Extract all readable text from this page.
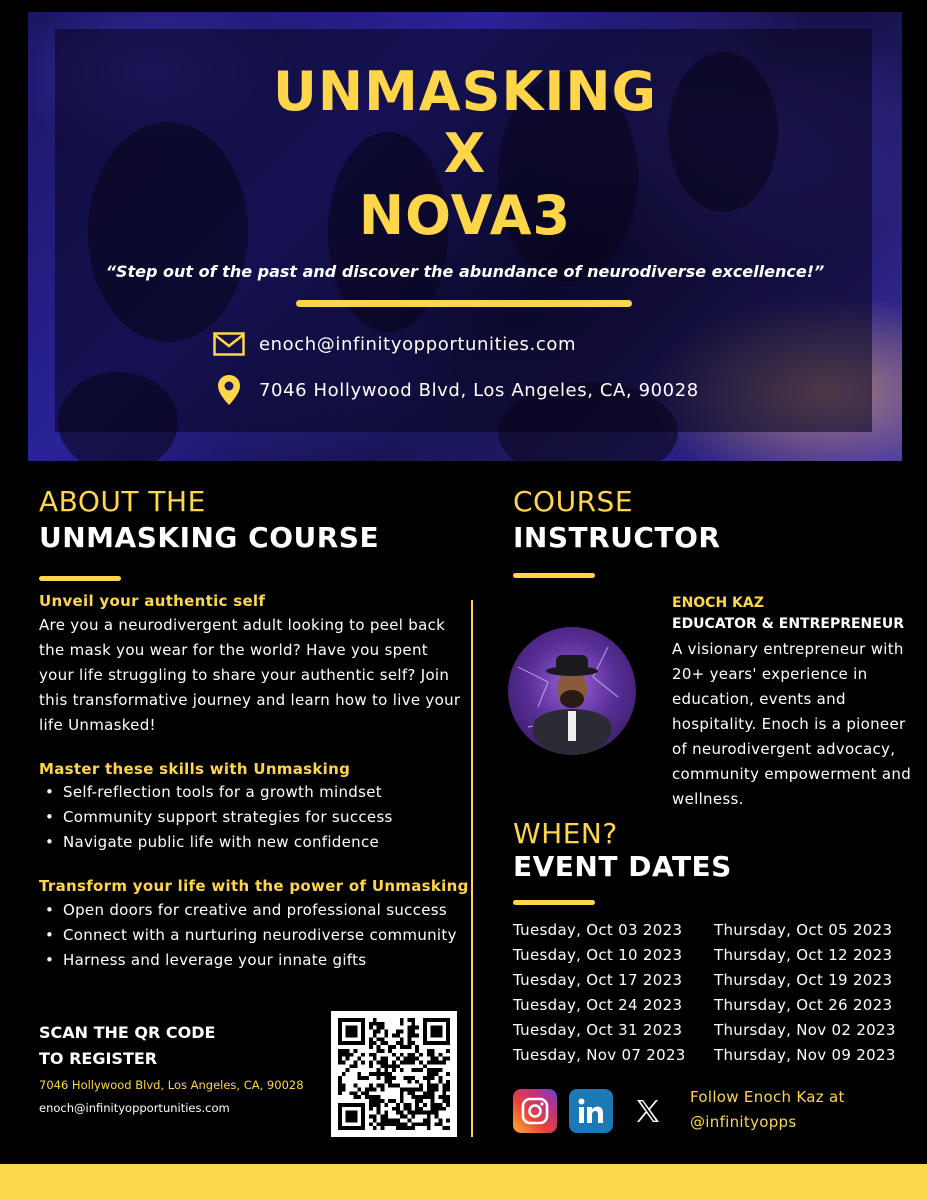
UNMASKING
X
NOVA3
“Step out of the past and discover the abundance of neurodiverse excellence!”
enoch@infinityopportunities.com
7046 Hollywood Blvd, Los Angeles, CA, 90028
ABOUT THE
UNMASKING COURSE
Unveil your authentic self
Are you a neurodivergent adult looking to peel back the mask you wear for the world? Have you spent your life struggling to share your authentic self? Join this transformative journey and learn how to live your life Unmasked!
Master these skills with Unmasking
• Self-reflection tools for a growth mindset
• Community support strategies for success
• Navigate public life with new confidence
Transform your life with the power of Unmasking
• Open doors for creative and professional success
• Connect with a nurturing neurodiverse community
• Harness and leverage your innate gifts
SCAN THE QR CODE
TO REGISTER
7046 Hollywood Blvd, Los Angeles, CA, 90028
enoch@infinityopportunities.com
COURSE
INSTRUCTOR
ENOCH KAZ
EDUCATOR & ENTREPRENEUR
A visionary entrepreneur with 20+ years' experience in education, events and hospitality. Enoch is a pioneer of neurodivergent advocacy, community empowerment and wellness.
WHEN?
EVENT DATES
Tuesday, Oct 03 2023
Tuesday, Oct 10 2023
Tuesday, Oct 17 2023
Tuesday, Oct 24 2023
Tuesday, Oct 31 2023
Tuesday, Nov 07 2023
Thursday, Oct 05 2023
Thursday, Oct 12 2023
Thursday, Oct 19 2023
Thursday, Oct 26 2023
Thursday, Nov 02 2023
Thursday, Nov 09 2023
Follow Enoch Kaz at
@infinityopps
